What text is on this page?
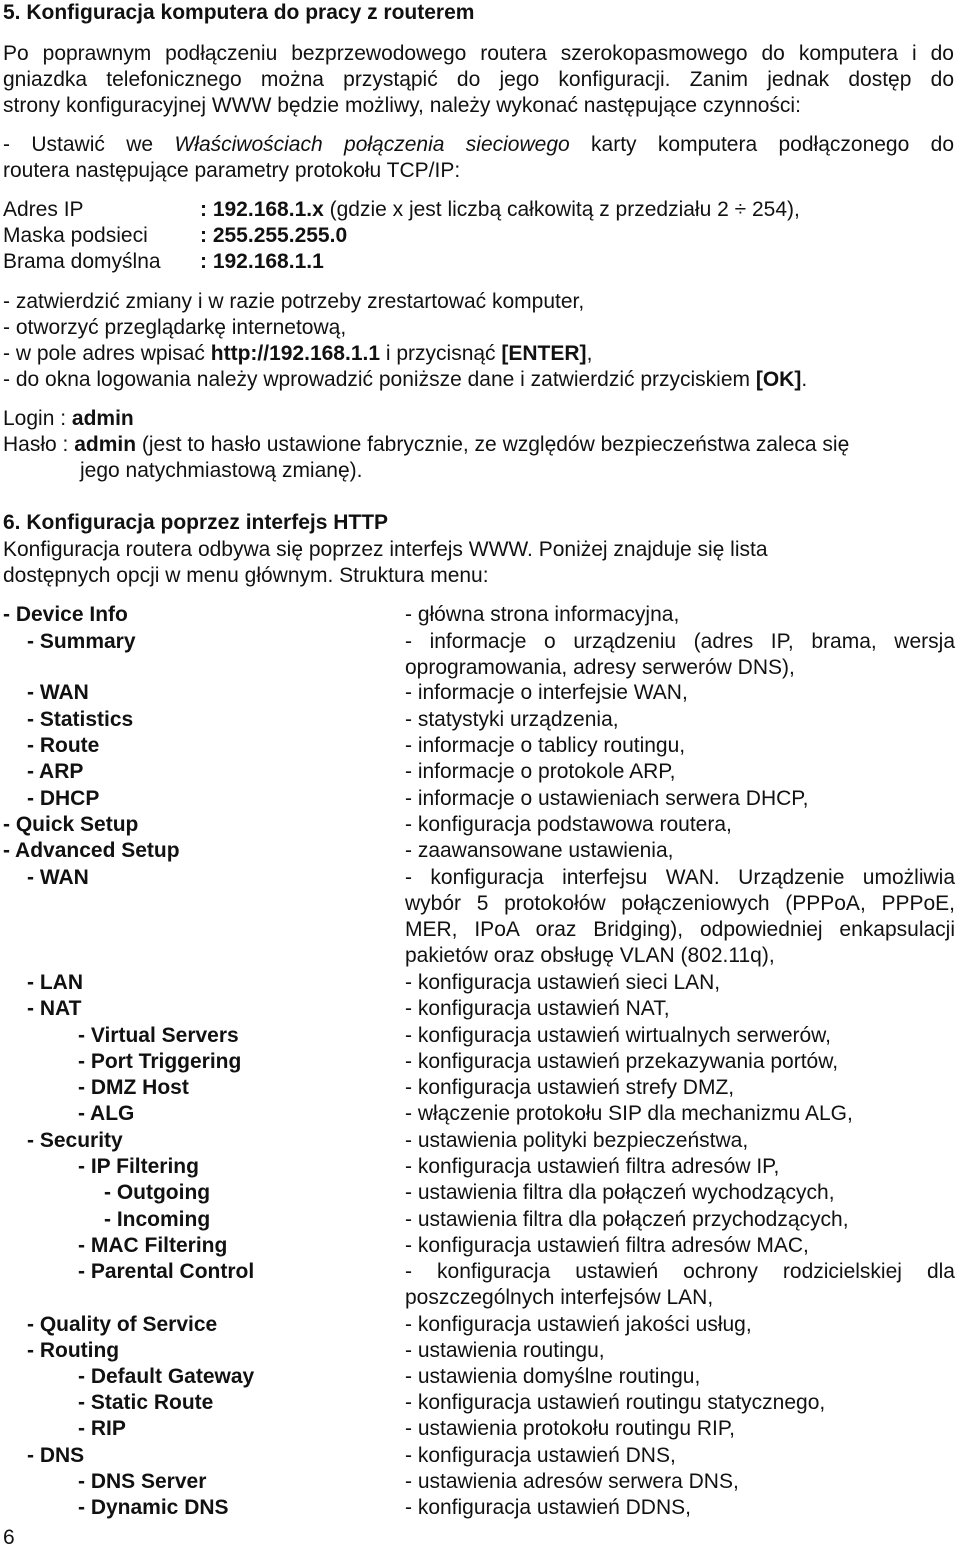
5. Konfiguracja komputera do pracy z routerem
Po poprawnym podłączeniu bezprzewodowego routera szerokopasmowego do komputera i do
gniazdka telefonicznego można przystąpić do jego konfiguracji. Zanim jednak dostęp do
strony konfiguracyjnej WWW będzie możliwy, należy wykonać następujące czynności:
- Ustawić we Właściwościach połączenia sieciowego karty komputera podłączonego do
routera następujące parametry protokołu TCP/IP:
Adres IP	: 192.168.1.x (gdzie x jest liczbą całkowitą z przedziału 2 ÷ 254),
Maska podsieci : 255.255.255.0
Brama domyślna : 192.168.1.1
- zatwierdzić zmiany i w razie potrzeby zrestartować komputer,
- otworzyć przeglądarkę internetową,
- w pole adres wpisać http://192.168.1.1 i przycisnąć [ENTER],
- do okna logowania należy wprowadzić poniższe dane i zatwierdzić przyciskiem [OK].
Login : admin
Hasło : admin (jest to hasło ustawione fabrycznie, ze względów bezpieczeństwa zaleca się
jego natychmiastową zmianę).
6. Konfiguracja poprzez interfejs HTTP
Konfiguracja routera odbywa się poprzez interfejs WWW. Poniżej znajduje się lista
dostępnych opcji w menu głównym. Struktura menu:
- Device Info	- główna strona informacyjna,
- Summary	- informacje o urządzeniu (adres IP, brama, wersja
oprogramowania, adresy serwerów DNS),
- WAN	- informacje o interfejsie WAN,
- Statistics	- statystyki urządzenia,
- Route	- informacje o tablicy routingu,
- ARP	- informacje o protokole ARP,
- DHCP	- informacje o ustawieniach serwera DHCP,
- Quick Setup	- konfiguracja podstawowa routera,
- Advanced Setup	- zaawansowane ustawienia,
- WAN	- konfiguracja interfejsu WAN. Urządzenie umożliwia
wybór 5 protokołów połączeniowych (PPPoA, PPPoE,
MER, IPoA oraz Bridging), odpowiedniej enkapsulacji
pakietów oraz obsługę VLAN (802.11q),
- LAN	- konfiguracja ustawień sieci LAN,
- NAT	- konfiguracja ustawień NAT,
- Virtual Servers	- konfiguracja ustawień wirtualnych serwerów,
- Port Triggering	- konfiguracja ustawień przekazywania portów,
- DMZ Host	- konfiguracja ustawień strefy DMZ,
- ALG	- włączenie protokołu SIP dla mechanizmu ALG,
- Security	- ustawienia polityki bezpieczeństwa,
- IP Filtering	- konfiguracja ustawień filtra adresów IP,
- Outgoing	- ustawienia filtra dla połączeń wychodzących,
- Incoming	- ustawienia filtra dla połączeń przychodzących,
- MAC Filtering	- konfiguracja ustawień filtra adresów MAC,
- Parental Control	- konfiguracja ustawień ochrony rodzicielskiej dla
poszczególnych interfejsów LAN,
- Quality of Service	- konfiguracja ustawień jakości usług,
- Routing	- ustawienia routingu,
- Default Gateway	- ustawienia domyślne routingu,
- Static Route	- konfiguracja ustawień routingu statycznego,
- RIP	- ustawienia protokołu routingu RIP,
- DNS	- konfiguracja ustawień DNS,
- DNS Server	- ustawienia adresów serwera DNS,
- Dynamic DNS	- konfiguracja ustawień DDNS,
6
